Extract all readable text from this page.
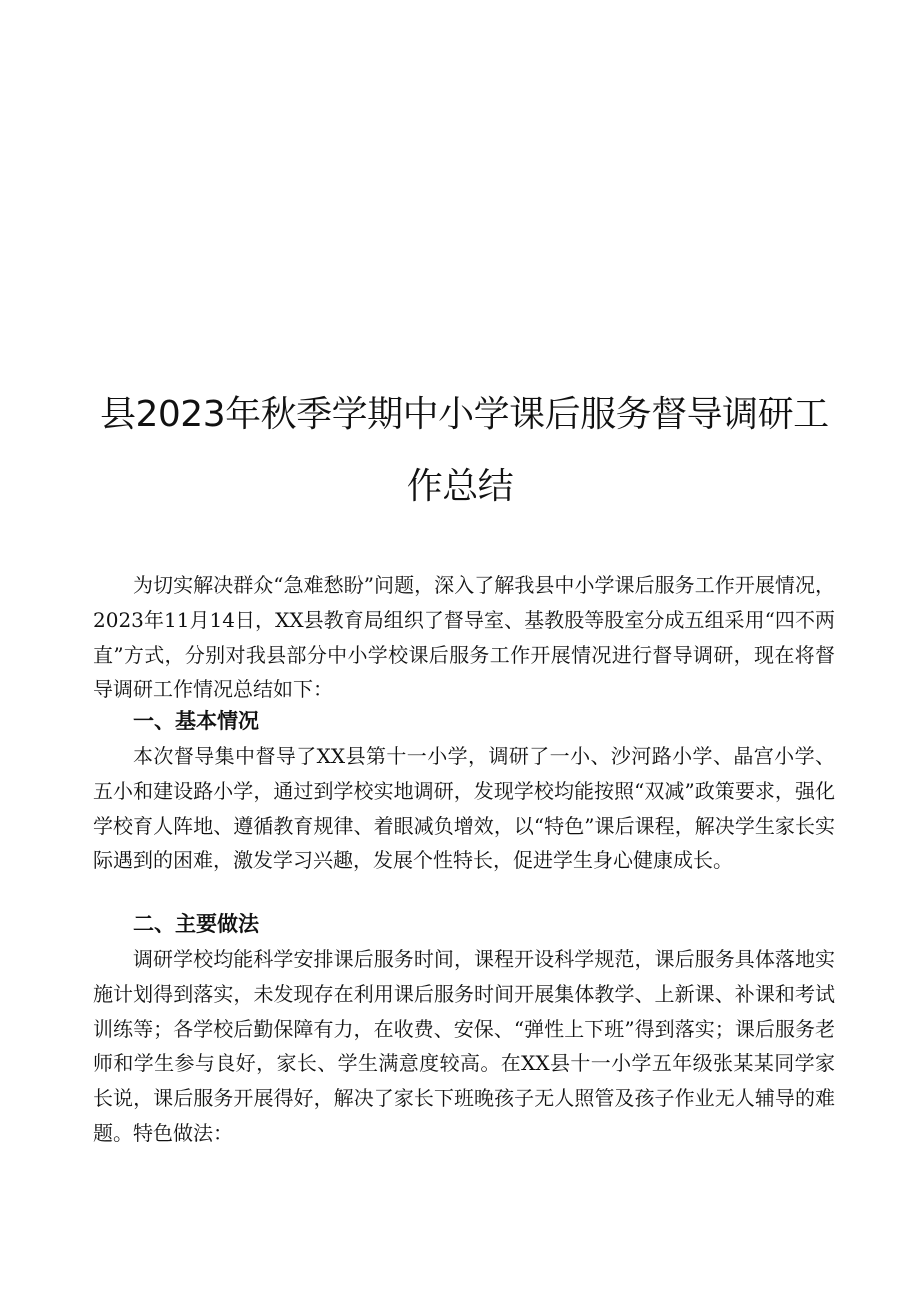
县2023年秋季学期中小学课后服务督导调研工
作总结

为切实解决群众“急难愁盼”问题，深入了解我县中小学课后服务工作开展情况，2023年11月14日，XX县教育局组织了督导室、基教股等股室分成五组采用“四不两直”方式，分别对我县部分中小学校课后服务工作开展情况进行督导调研，现在将督导调研工作情况总结如下：

一、基本情况

本次督导集中督导了XX县第十一小学，调研了一小、沙河路小学、晶宫小学、五小和建设路小学，通过到学校实地调研，发现学校均能按照“双减”政策要求，强化学校育人阵地、遵循教育规律、着眼减负增效，以“特色”课后课程，解决学生家长实际遇到的困难，激发学习兴趣，发展个性特长，促进学生身心健康成长。

二、主要做法

调研学校均能科学安排课后服务时间，课程开设科学规范，课后服务具体落地实施计划得到落实，未发现存在利用课后服务时间开展集体教学、上新课、补课和考试训练等；各学校后勤保障有力，在收费、安保、“弹性上下班”得到落实；课后服务老师和学生参与良好，家长、学生满意度较高。在XX县十一小学五年级张某某同学家长说，课后服务开展得好，解决了家长下班晚孩子无人照管及孩子作业无人辅导的难题。特色做法：
